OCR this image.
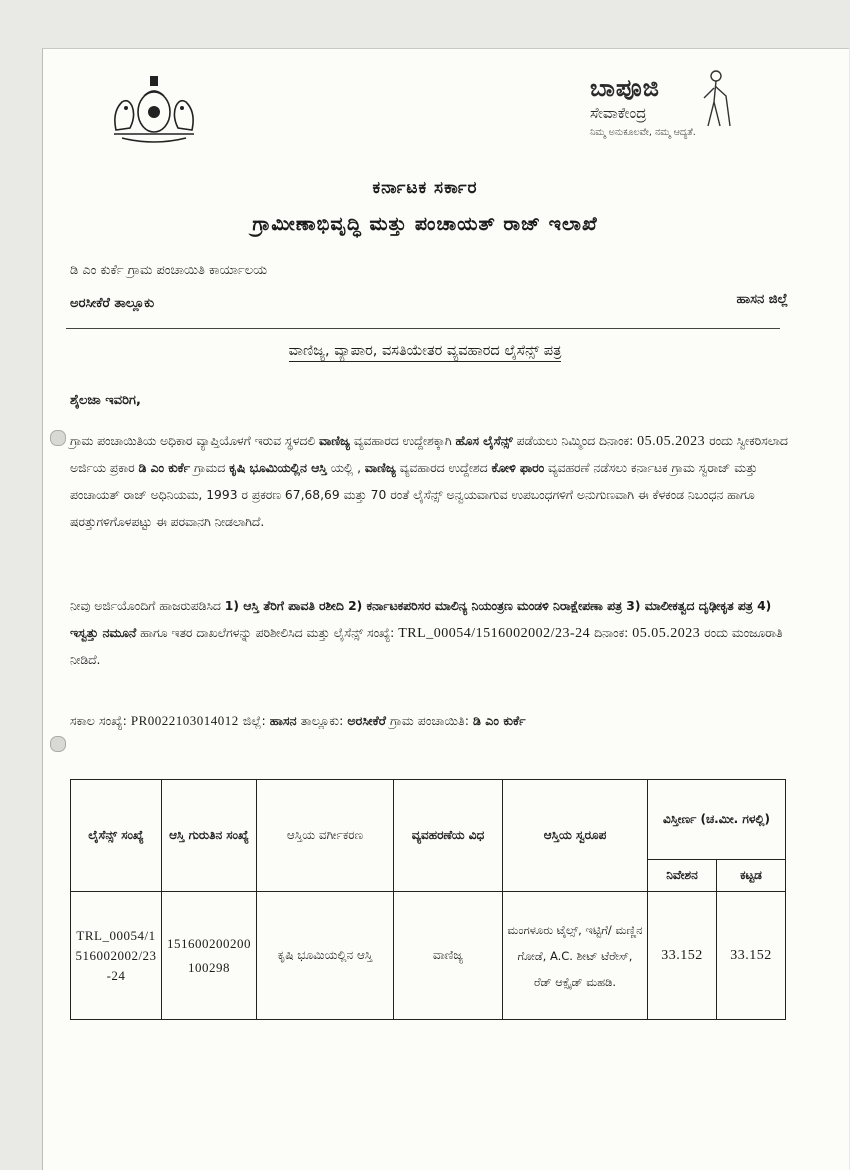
ಬಾಪೂಜಿ
ಸೇವಾಕೇಂದ್ರ
ನಿಮ್ಮ ಅನುಕೂಲವೇ, ನಮ್ಮ ಆದ್ಯತೆ.
ಕರ್ನಾಟಕ ಸರ್ಕಾರ
ಗ್ರಾಮೀಣಾಭಿವೃದ್ಧಿ ಮತ್ತು ಪಂಚಾಯತ್ ರಾಜ್ ಇಲಾಖೆ
ಡಿ ಎಂ ಕುರ್ಕೆ ಗ್ರಾಮ ಪಂಚಾಯಿತಿ ಕಾರ್ಯಾಲಯ
ಅರಸೀಕೆರೆ ತಾಲ್ಲೂಕು	ಹಾಸನ ಜಿಲ್ಲೆ
ವಾಣಿಜ್ಯ, ವ್ಯಾಪಾರ, ವಸತಿಯೇತರ ವ್ಯವಹಾರದ ಲೈಸೆನ್ಸ್ ಪತ್ರ
ಶೈಲಜಾ ಇವರಿಗ,
ಗ್ರಾಮ ಪಂಚಾಯಿತಿಯ ಅಧಿಕಾರ ವ್ಯಾಪ್ತಿಯೊಳಗೆ ಇರುವ ಸ್ಥಳದಲಿ ವಾಣಿಜ್ಯ ವ್ಯವಹಾರದ ಉದ್ದೇಶಕ್ಕಾಗಿ ಹೊಸ ಲೈಸೆನ್ಸ್ ಪಡೆಯಲು ನಿಮ್ಮಿಂದ ದಿನಾಂಕ: 05.05.2023 ರಂದು ಸ್ವೀಕರಿಸಲಾದ ಅರ್ಜಿಯ ಪ್ರಕಾರ ಡಿ ಎಂ ಕುರ್ಕೆ ಗ್ರಾಮದ ಕೃಷಿ ಭೂಮಿಯಲ್ಲಿನ ಆಸ್ತಿ ಯಲ್ಲಿ , ವಾಣಿಜ್ಯ ವ್ಯವಹಾರದ ಉದ್ದೇಶದ ಕೋಳಿ ಫಾರಂ ವ್ಯವಹರಣೆ ನಡೆಸಲು ಕರ್ನಾಟಕ ಗ್ರಾಮ ಸ್ವರಾಜ್ ಮತ್ತು ಪಂಚಾಯತ್ ರಾಜ್ ಅಧಿನಿಯಮ, 1993 ರ ಪ್ರಕರಣ 67,68,69 ಮತ್ತು 70 ರಂತೆ ಲೈಸೆನ್ಸ್ ಅನ್ವಯವಾಗುವ ಉಪಬಂಧಗಳಿಗೆ ಅನುಗುಣವಾಗಿ ಈ ಕೆಳಕಂಡ ನಿಬಂಧನ ಹಾಗೂ ಷರತ್ತುಗಳಿಗೊಳಪಟ್ಟು ಈ ಪರವಾನಗಿ ನೀಡಲಾಗಿದೆ.
ನೀವು ಅರ್ಜಿಯೊಂದಿಗೆ ಹಾಜರುಪಡಿಸಿದ 1) ಆಸ್ತಿ ತೆರಿಗೆ ಪಾವತಿ ರಶೀದಿ 2) ಕರ್ನಾಟಕಪರಿಸರ ಮಾಲಿನ್ಯ ನಿಯಂತ್ರಣ ಮಂಡಳಿ ನಿರಾಕ್ಷೇಪಣಾ ಪತ್ರ 3) ಮಾಲೀಕತ್ವದ ದೃಢೀಕೃತ ಪತ್ರ 4) ಇಸ್ವತ್ತು ನಮೂನೆ ಹಾಗೂ ಇತರ ದಾಖಲೆಗಳನ್ನು ಪರಿಶೀಲಿಸಿದ ಮತ್ತು ಲೈಸೆನ್ಸ್ ಸಂಖ್ಯೆ: TRL_00054/1516002002/23-24 ದಿನಾಂಕ: 05.05.2023 ರಂದು ಮಂಜೂರಾತಿ ನೀಡಿದೆ.
ಸಕಾಲ ಸಂಖ್ಯೆ: PR0022103014012 ಜಿಲ್ಲೆ: ಹಾಸನ ತಾಲ್ಲೂಕು: ಅರಸೀಕೆರೆ ಗ್ರಾಮ ಪಂಚಾಯಿತಿ: ಡಿ ಎಂ ಕುರ್ಕೆ
ಲೈಸೆನ್ಸ್ ಸಂಖ್ಯೆ	ಆಸ್ತಿ ಗುರುತಿನ ಸಂಖ್ಯೆ	ಆಸ್ತಿಯ ವರ್ಗೀಕರಣ	ವ್ಯವಹರಣೆಯ ವಿಧ	ಆಸ್ತಿಯ ಸ್ವರೂಪ	ವಿಸ್ತೀರ್ಣ (ಚ.ಮೀ. ಗಳಲ್ಲಿ)	
					ನಿವೇಶನ	ಕಟ್ಟಡ
TRL_00054/1516002002/23-24	151600200200100298	ಕೃಷಿ ಭೂಮಿಯಲ್ಲಿನ ಆಸ್ತಿ	ವಾಣಿಜ್ಯ	ಮಂಗಳೂರು ಟೈಲ್ಸ್, ಇಟ್ಟಿಗೆ/ ಮಣ್ಣಿನ ಗೋಡೆ, A.C. ಶೀಟ್ ಟೆರೇಸ್, ರೆಡ್ ಆಕ್ಸೈಡ್ ಮಹಡಿ.	33.152	33.152
